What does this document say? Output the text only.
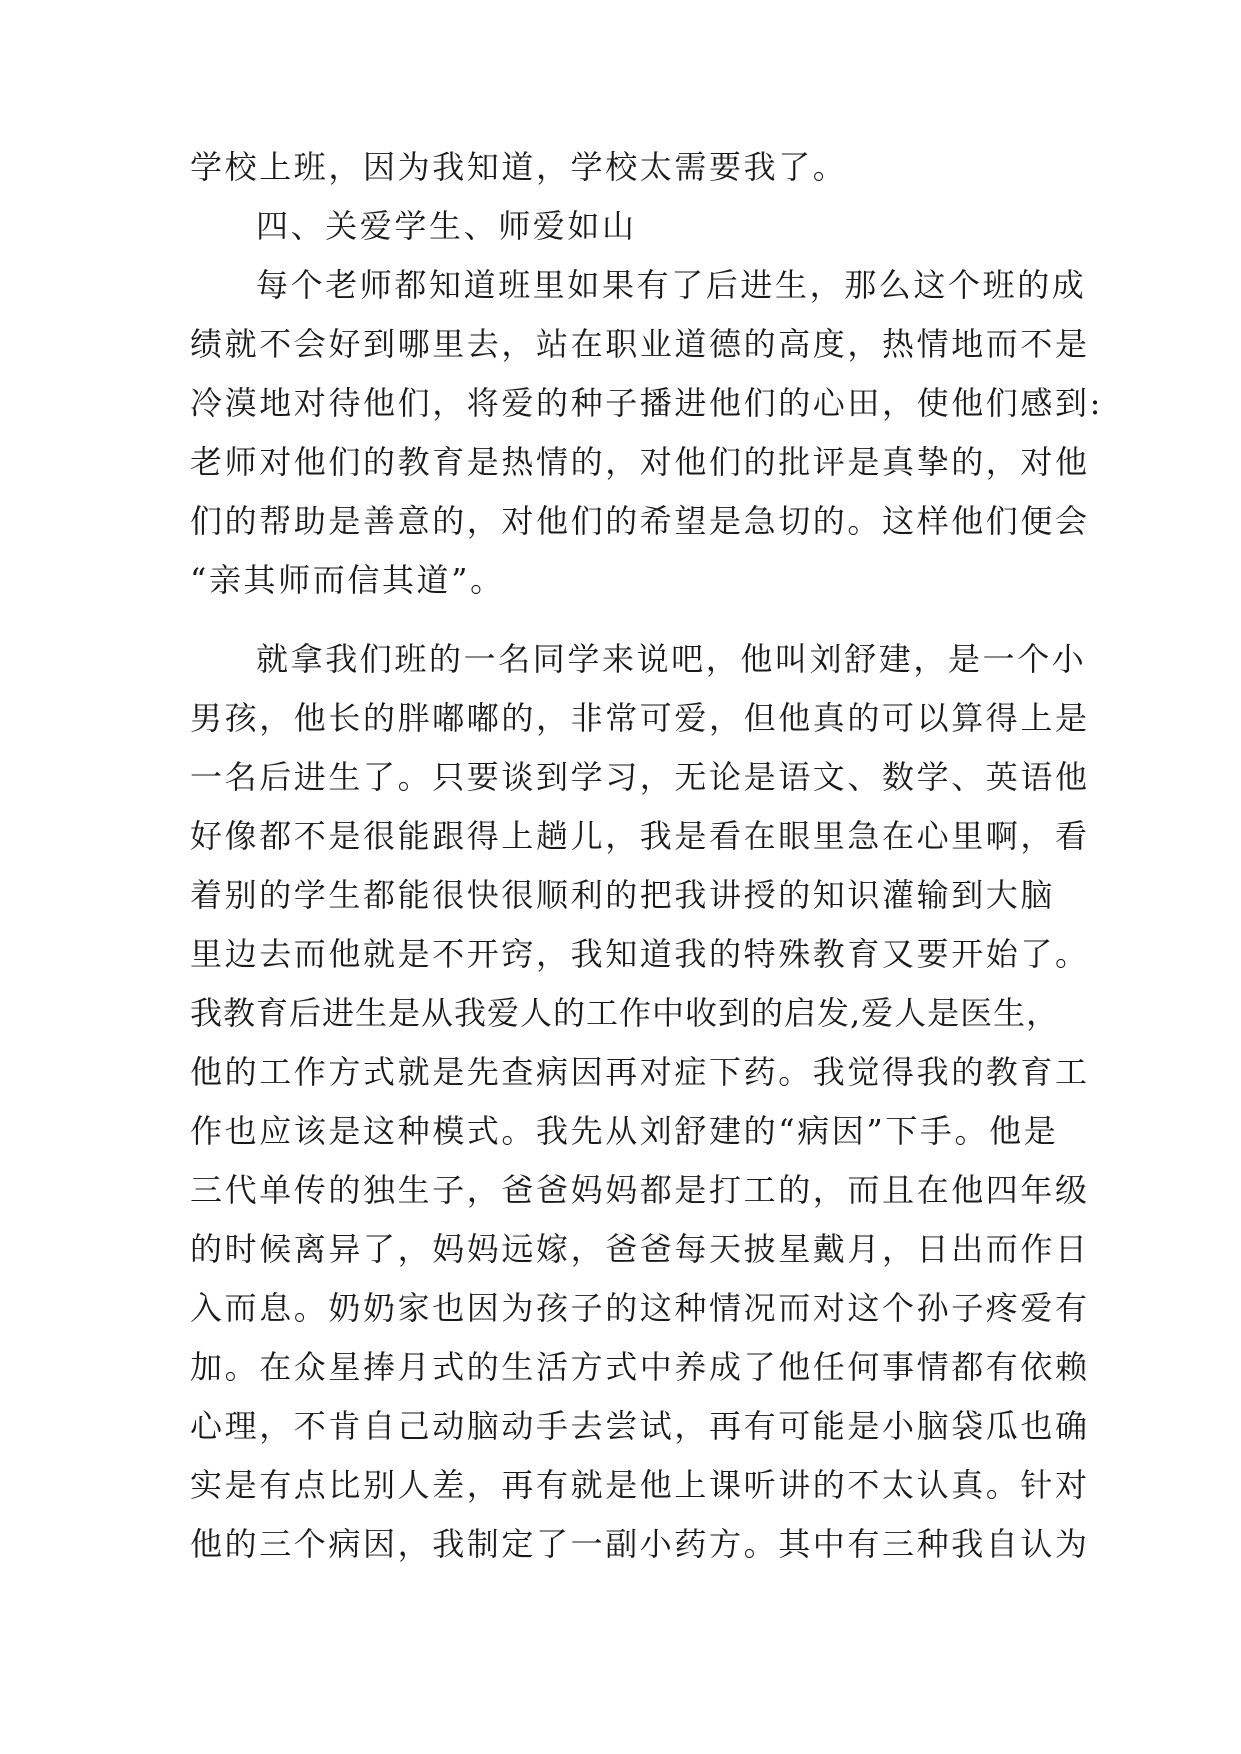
学校上班，因为我知道，学校太需要我了。
四、关爱学生、师爱如山
每个老师都知道班里如果有了后进生，那么这个班的成
绩就不会好到哪里去，站在职业道德的高度，热情地而不是
冷漠地对待他们，将爱的种子播进他们的心田，使他们感到:
老师对他们的教育是热情的，对他们的批评是真挚的，对他
们的帮助是善意的，对他们的希望是急切的。这样他们便会
“亲其师而信其道”。
就拿我们班的一名同学来说吧，他叫刘舒建，是一个小
男孩，他长的胖嘟嘟的，非常可爱，但他真的可以算得上是
一名后进生了。只要谈到学习，无论是语文、数学、英语他
好像都不是很能跟得上趟儿，我是看在眼里急在心里啊，看
着别的学生都能很快很顺利的把我讲授的知识灌输到大脑
里边去而他就是不开窍，我知道我的特殊教育又要开始了。
我教育后进生是从我爱人的工作中收到的启发,爱人是医生，
他的工作方式就是先查病因再对症下药。我觉得我的教育工
作也应该是这种模式。我先从刘舒建的“病因”下手。他是
三代单传的独生子，爸爸妈妈都是打工的，而且在他四年级
的时候离异了，妈妈远嫁，爸爸每天披星戴月，日出而作日
入而息。奶奶家也因为孩子的这种情况而对这个孙子疼爱有
加。在众星捧月式的生活方式中养成了他任何事情都有依赖
心理，不肯自己动脑动手去尝试，再有可能是小脑袋瓜也确
实是有点比别人差，再有就是他上课听讲的不太认真。针对
他的三个病因，我制定了一副小药方。其中有三种我自认为
